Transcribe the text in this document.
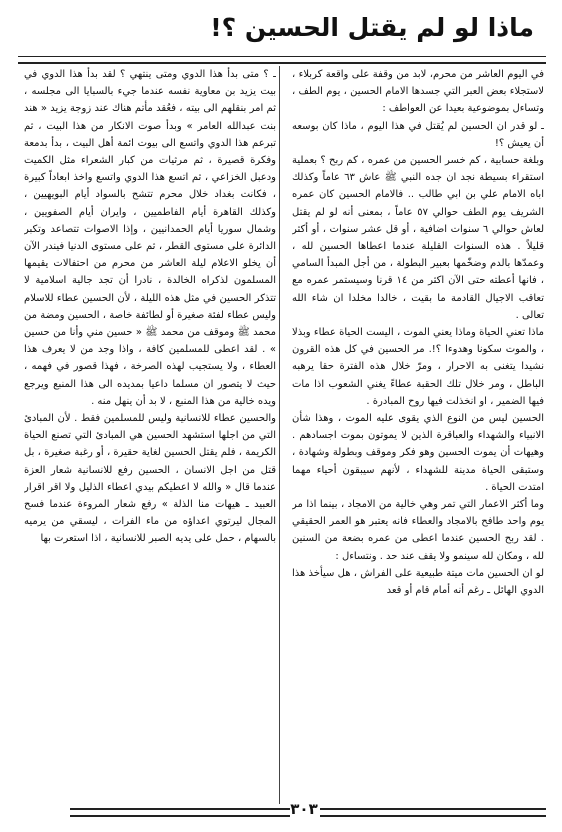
ماذا لو لم يقتل الحسين ؟!

في اليوم العاشر من محرم، لابد من وقفة على واقعة كربلاء ، لاستجلاء بعض العبر التي جسدها الامام الحسين ، يوم الطف ، وتساءل بموضوعية بعيدا عن العواطف :

ـ لو قدر ان الحسين لم يُقتل في هذا اليوم ، ماذا كان بوسعه أن يعيش ؟!

وبلغة حسابية ، كم خسر الحسين من عمره ، كم ربح ؟ بعملية استقراء بسيطة نجد ان جده النبي ﷺ عاش ٦٣ عاماً وكذلك اباه الامام علي بن ابي طالب .. فالامام الحسين كان عمره الشريف يوم الطف حوالي ٥٧ عاماً ، بمعنى أنه لو لم يقتل لعاش حوالي ٦ سنوات اضافية ، أو قل عشر سنوات ، أو أكثر قليلاً . هذه السنوات القليلة عندما اعطاها الحسين لله ، وعمدّها بالدم وضخّمها بعبير البطولة ، من أجل المبدأ السامي ، فانها أعطته حتى الآن اكثر من ١٤ قرنا وسيستمر عمره مع تعاقب الاجيال القادمة ما بقيت ، خالدا مخلدا ان شاء الله تعالى .

ماذا تعني الحياة وماذا يعني الموت ، اليست الحياة عطاء وبذلا ، والموت سكونا وهدوءا ؟!. مر الحسين في كل هذه القرون نشيدا يتغنى به الاحرار ، ومرّ خلال هذه الفترة حقا يرهبه الباطل ، ومر خلال تلك الحقبة عطاءً يغني الشعوب اذا مات فيها الضمير ، او انخذلت فيها روح المبادرة .

الحسين ليس من النوع الذي يقوى عليه الموت ، وهذا شأن الانبياء والشهداء والعباقرة الذين لا يموتون بموت اجسادهم . وهيهات أن يموت الحسين وهو فكر وموقف وبطولة وشهادة ، وستبقى الحياة مدينة للشهداء ، لأنهم سيبقون أحياء مهما امتدت الحياة .

وما أكثر الاعمار التي تمر وهي خالية من الامجاد ، بينما اذا مر يوم واحد طافح بالامجاد والعطاء فانه يعتبر هو العمر الحقيقي . لقد ربح الحسين عندما اعطى من عمره بضعة من السنين لله ، ومكان لله سينمو ولا يقف عند حد . ونتساءل :

لو ان الحسين مات ميتة طبيعية على الفراش ، هل سيأخذ هذا الدوي الهائل ـ رغم أنه أمام قام أو قعد

ـ ؟ متى بدأ هذا الدوي ومتى ينتهي ؟ لقد بدأ هذا الدوي في بيت يزيد بن معاوية نفسه عندما جيء بالسبايا الى مجلسه ، ثم امر بنقلهم الى بيته ، فعُقد مأتم هناك عند زوجة يزيد « هند بنت عبدالله العامر » وبدأ صوت الانكار من هذا البيت ، ثم تبرعم هذا الدوي واتسع الى بيوت ائمة أهل البيت ، بدأ بدمعة وفكرة قصيرة ، ثم مرثيات من كبار الشعراء مثل الكميت ودعبل الخزاعي ، ثم اتسع هذا الدوي واتسع واخذ ابعاداً كبيرة ، فكانت بغداد خلال محرم تتشح بالسواد أيام البويهيين ، وكذلك القاهرة أيام الفاطميين ، وايران أيام الصفويين ، وشمال سوريا أيام الحمدانيين ، وإذا الاصوات تتصاعد وتكبر الدائرة على مستوى القطر ، ثم على مستوى الدنيا فيندر الآن أن يخلو الاعلام ليلة العاشر من محرم من احتفالات يقيمها المسلمون لذكراه الخالدة ، نادرا أن تجد جالية اسلامية لا تتذكر الحسين في مثل هذه الليلة ، لأن الحسين عطاء للاسلام وليس عطاء لفئة صغيرة أو لطائفة خاصة ، الحسين ومضة من محمد ﷺ وموقف من محمد ﷺ « حسين مني وأنا من حسين » . لقد اعطى للمسلمين كافة ، واذا وجد من لا يعرف هذا العطاء ، ولا يستجيب لهذه الصرخة ، فهذا قصور في فهمه ، حيث لا يتصور ان مسلما داعيا بمديده الى هذا المنبع ويرجع ويده خالية من هذا المنبع ، لا بد أن ينهل منه .

والحسين عطاء للانسانية وليس للمسلمين فقط . لأن المبادئ التي من اجلها استشهد الحسين هي المبادئ التي تصنع الحياة الكريمة ، فلم يقتل الحسين لغاية حقيرة ، أو رغبة صغيرة ، بل قتل من اجل الانسان ، الحسين رفع للانسانية شعار العزة عندما قال « والله لا اعطيكم بيدي اعطاء الذليل ولا اقر اقرار العبيد ـ هيهات منا الذلة » رفع شعار المروءة عندما فسح المجال ليرتوي اعداؤه من ماء الفرات ، ليسقي من يرميه بالسهام ، حمل على يديه الصبر للانسانية ، اذا استعرت بها

٣٠٣
